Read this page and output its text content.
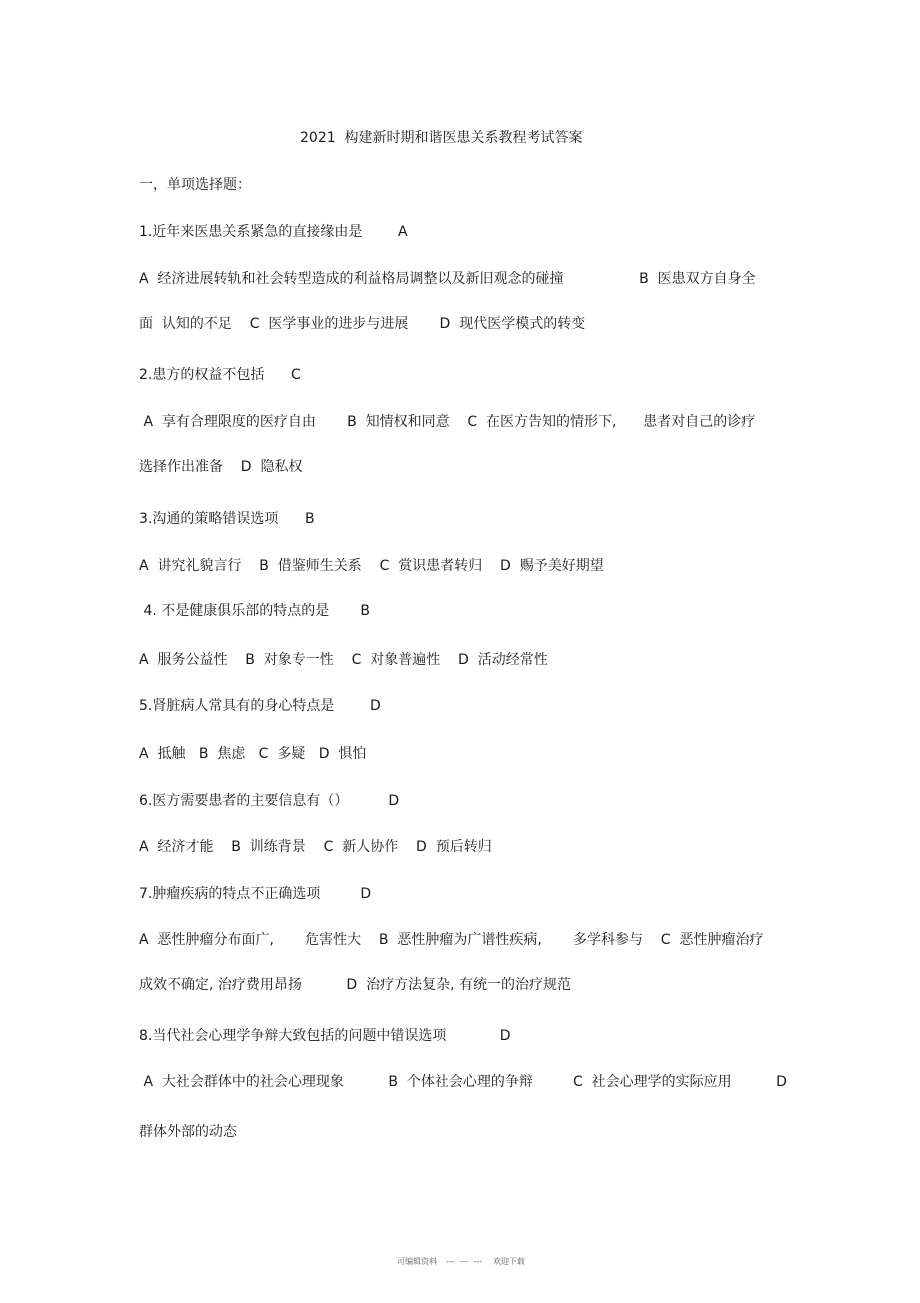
2021  构建新时期和谐医患关系教程考试答案
一，单项选择题：
1.近年来医患关系紧急的直接缘由是        A
A  经济进展转轨和社会转型造成的利益格局调整以及新旧观念的碰撞                 B  医患双方自身全
面  认知的不足    C  医学事业的进步与进展       D  现代医学模式的转变
2.患方的权益不包括      C
A  享有合理限度的医疗自由       B  知情权和同意    C  在医方告知的情形下,      患者对自己的诊疗
选择作出准备    D  隐私权
3.沟通的策略错误选项      B
A  讲究礼貌言行    B  借鉴师生关系    C  赏识患者转归    D  赐予美好期望
4. 不是健康俱乐部的特点的是       B
A  服务公益性    B  对象专一性    C  对象普遍性    D  活动经常性
5.肾脏病人常具有的身心特点是        D
A  抵触   B  焦虑   C  多疑   D  惧怕
6.医方需要患者的主要信息有（）         D
A  经济才能    B  训练背景    C  新人协作    D  预后转归
7.肿瘤疾病的特点不正确选项         D
A  恶性肿瘤分布面广,       危害性大    B  恶性肿瘤为广谱性疾病,       多学科参与    C  恶性肿瘤治疗
成效不确定, 治疗费用昂扬          D  治疗方法复杂, 有统一的治疗规范
8.当代社会心理学争辩大致包括的问题中错误选项            D
A  大社会群体中的社会心理现象          B  个体社会心理的争辩         C  社会心理学的实际应用          D
群体外部的动态
可编辑资料 ---  ---  --- 欢迎下载
